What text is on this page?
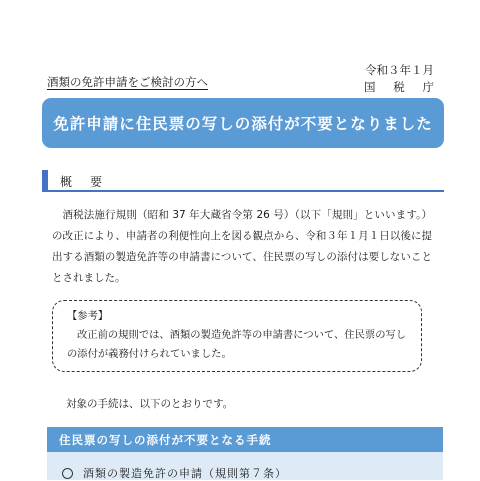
令和３年１月
国税庁
酒類の免許申請をご検討の方へ
免許申請に住民票の写しの添付が不要となりました
概　要
酒税法施行規則（昭和 37 年大蔵省令第 26 号）（以下「規則」といいます。）の改正により、申請者の利便性向上を図る観点から、令和３年１月１日以後に提出する酒類の製造免許等の申請書について、住民票の写しの添付は要しないこととされました。
【参考】
改正前の規則では、酒類の製造免許等の申請書について、住民票の写しの添付が義務付けられていました。
対象の手続は、以下のとおりです。
住民票の写しの添付が不要となる手続
酒類の製造免許の申請（規則第７条）
